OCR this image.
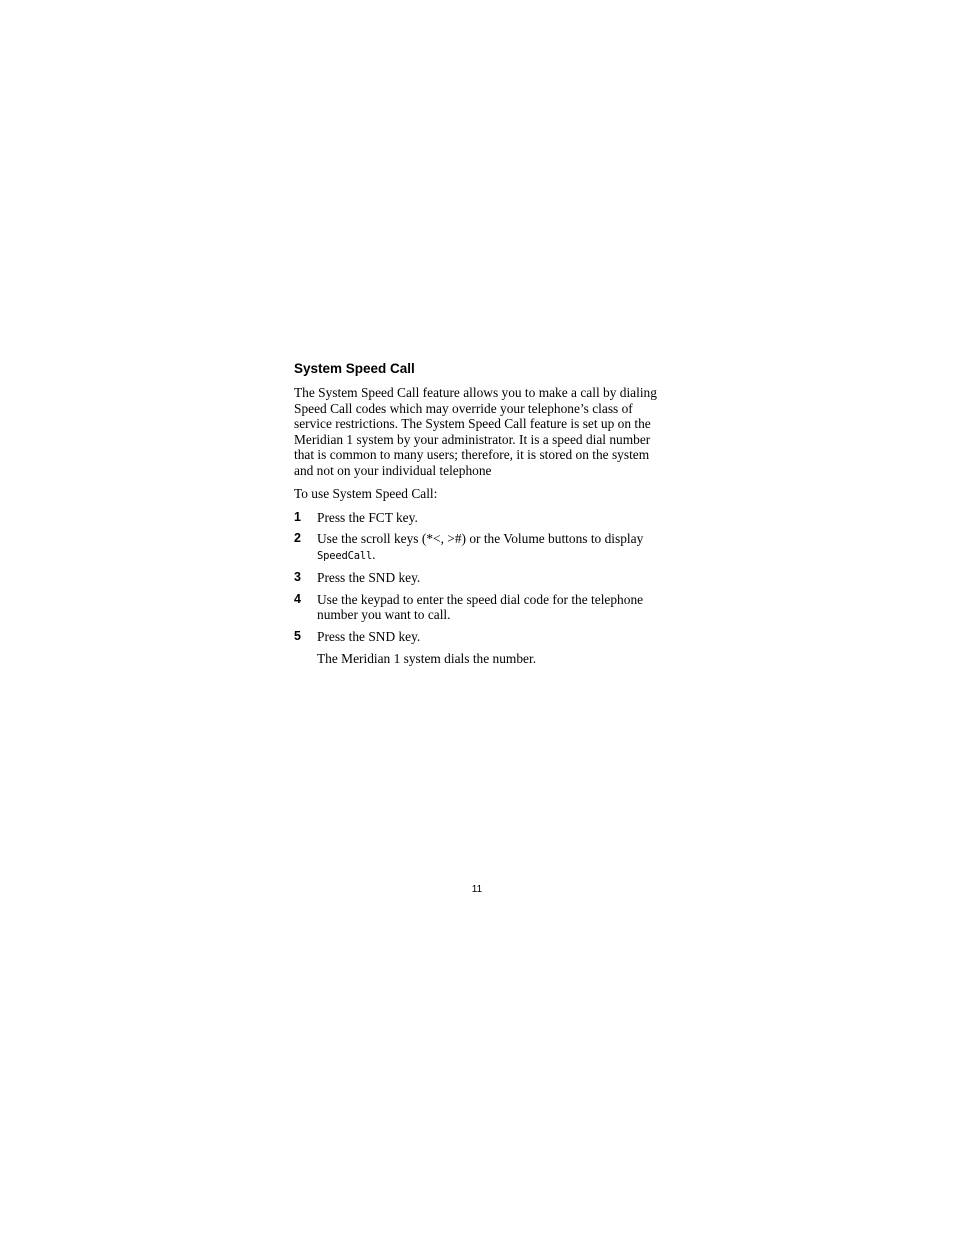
System Speed Call

The System Speed Call feature allows you to make a call by dialing Speed Call codes which may override your telephone’s class of service restrictions. The System Speed Call feature is set up on the Meridian 1 system by your administrator. It is a speed dial number that is common to many users; therefore, it is stored on the system and not on your individual telephone

To use System Speed Call:

1	Press the FCT key.
2	Use the scroll keys (*<, >#) or the Volume buttons to display SpeedCall.
3	Press the SND key.
4	Use the keypad to enter the speed dial code for the telephone number you want to call.
5	Press the SND key.

The Meridian 1 system dials the number.

11
